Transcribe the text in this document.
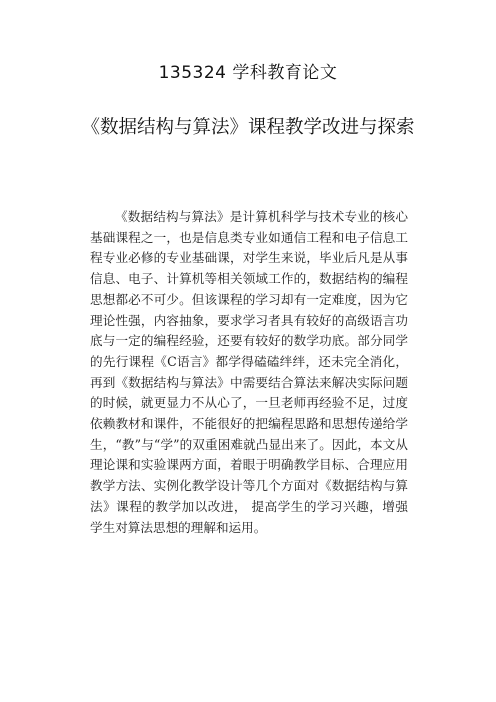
135324 学科教育论文
《数据结构与算法》课程教学改进与探索

《数据结构与算法》是计算机科学与技术专业的核心基础课程之一，也是信息类专业如通信工程和电子信息工程专业必修的专业基础课，对学生来说，毕业后凡是从事信息、电子、计算机等相关领域工作的，数据结构的编程思想都必不可少。但该课程的学习却有一定难度，因为它理论性强，内容抽象，要求学习者具有较好的高级语言功底与一定的编程经验，还要有较好的数学功底。部分同学的先行课程《C语言》都学得磕磕绊绊，还未完全消化，再到《数据结构与算法》中需要结合算法来解决实际问题的时候，就更显力不从心了，一旦老师再经验不足，过度依赖教材和课件，不能很好的把编程思路和思想传递给学生，“教”与“学”的双重困难就凸显出来了。因此，本文从理论课和实验课两方面，着眼于明确教学目标、合理应用教学方法、实例化教学设计等几个方面对《数据结构与算法》课程的教学加以改进， 提高学生的学习兴趣，增强学生对算法思想的理解和运用。
